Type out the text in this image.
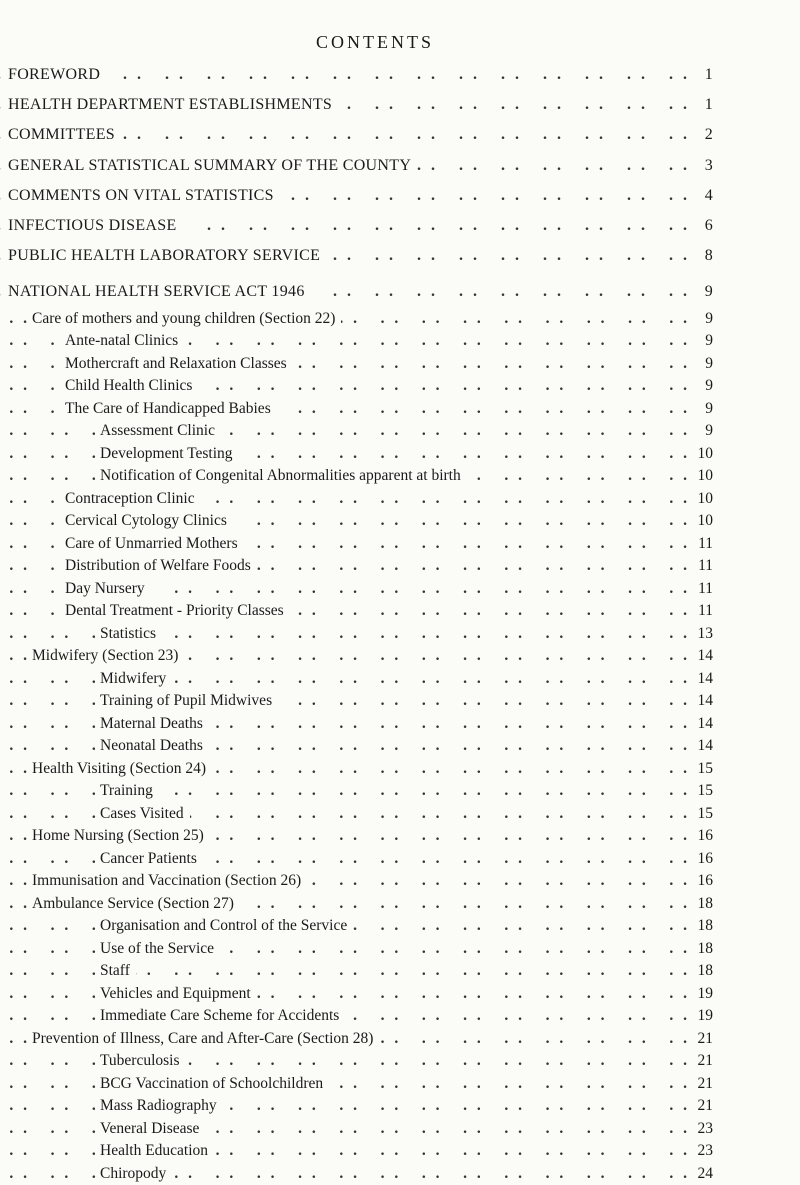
CONTENTS
. .
FOREWORD	1
. .
HEALTH DEPARTMENT ESTABLISHMENTS	1
. .
COMMITTEES	2
. .
GENERAL STATISTICAL SUMMARY OF THE COUNTY	3
. .
COMMENTS ON VITAL STATISTICS	4
. .
INFECTIOUS DISEASE	6
. .
PUBLIC HEALTH LABORATORY SERVICE	8
. .
NATIONAL HEALTH SERVICE ACT 1946	9
. .
Care of mothers and young children (Section 22)	9
. .
Ante-natal Clinics	9
. .
Mothercraft and Relaxation Classes	9
. .
Child Health Clinics	9
. .
The Care of Handicapped Babies	9
. .
Assessment Clinic	9
. .
Development Testing	10
. .
Notification of Congenital Abnormalities apparent at birth	10
. .
Contraception Clinic	10
. .
Cervical Cytology Clinics	10
. .
Care of Unmarried Mothers	11
. .
Distribution of Welfare Foods	11
. .
Day Nursery	11
. .
Dental Treatment - Priority Classes	11
. .
Statistics	13
. .
Midwifery (Section 23)	14
. .
Midwifery	14
. .
Training of Pupil Midwives	14
. .
Maternal Deaths	14
. .
Neonatal Deaths	14
. .
Health Visiting (Section 24)	15
. .
Training	15
. .
Cases Visited	15
. .
Home Nursing (Section 25)	16
. .
Cancer Patients	16
. .
Immunisation and Vaccination (Section 26)	16
. .
Ambulance Service (Section 27)	18
. .
Organisation and Control of the Service	18
. .
Use of the Service	18
. .
Staff	18
. .
Vehicles and Equipment	19
. .
Immediate Care Scheme for Accidents	19
. .
Prevention of Illness, Care and After-Care (Section 28)	21
. .
Tuberculosis	21
. .
BCG Vaccination of Schoolchildren	21
. .
Mass Radiography	21
. .
Veneral Disease	23
. .
Health Education	23
. .
Chiropody	24
